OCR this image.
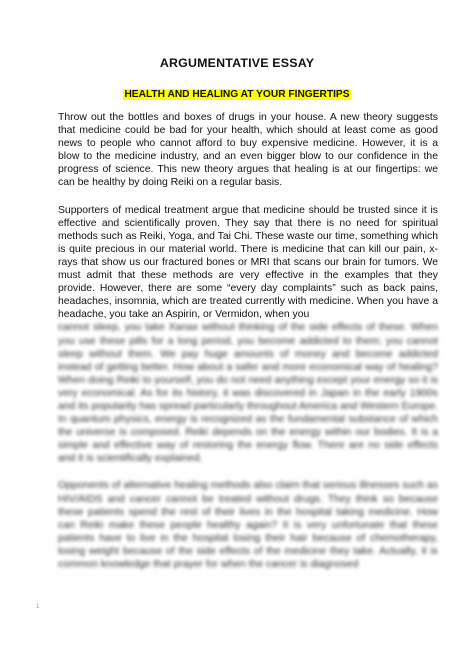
ARGUMENTATIVE ESSAY
HEALTH AND HEALING AT YOUR FINGERTIPS

Throw out the bottles and boxes of drugs in your house. A new theory suggests that medicine could be bad for your health, which should at least come as good news to people who cannot afford to buy expensive medicine. However, it is a blow to the medicine industry, and an even bigger blow to our confidence in the progress of science. This new theory argues that healing is at our fingertips: we can be healthy by doing Reiki on a regular basis.

Supporters of medical treatment argue that medicine should be trusted since it is effective and scientifically proven. They say that there is no need for spiritual methods such as Reiki, Yoga, and Tai Chi. These waste our time, something which is quite precious in our material world. There is medicine that can kill our pain, x-rays that show us our fractured bones or MRI that scans our brain for tumors. We must admit that these methods are very effective in the examples that they provide. However, there are some “every day complaints” such as back pains, headaches, insomnia, which are treated currently with medicine. When you have a headache, you take an Aspirin, or Vermidon, when you

cannot sleep, you take Xanax without thinking of the side effects of these. When you use these pills for a long period, you become addicted to them; you cannot sleep without them. We pay huge amounts of money and become addicted instead of getting better. How about a safer and more economical way of healing? When doing Reiki to yourself, you do not need anything except your energy so it is very economical. As for its history, it was discovered in Japan in the early 1900s and its popularity has spread particularly throughout America and Western Europe. In quantum physics, energy is recognized as the fundamental substance of which the universe is composed. Reiki depends on the energy within our bodies. It is a simple and effective way of restoring the energy flow. There are no side effects and it is scientifically explained.

Opponents of alternative healing methods also claim that serious illnesses such as HIV/AIDS and cancer cannot be treated without drugs. They think so because these patients spend the rest of their lives in the hospital taking medicine. How can Reiki make these people healthy again? It is very unfortunate that these patients have to live in the hospital losing their hair because of chemotherapy, losing weight because of the side effects of the medicine they take. Actually, it is common knowledge that prayer for when the cancer is diagnosed

1
